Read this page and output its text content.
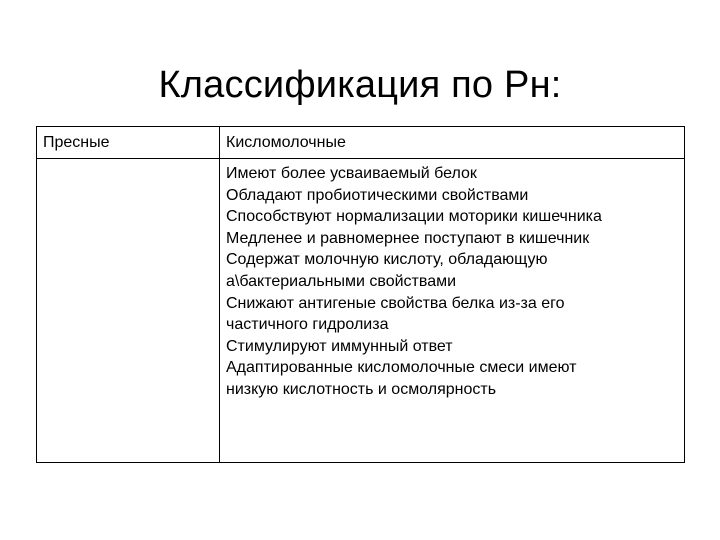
Классификация по Рн:
Пресные	Кисломолочные
Имеют более усваиваемый белок
Обладают пробиотическими свойствами
Способствуют нормализации моторики кишечника
Медленее и равномернее поступают в кишечник
Содержат молочную кислоту, обладающую
а\бактериальными свойствами
Снижают антигеные свойства белка из-за его
частичного гидролиза
Стимулируют иммунный ответ
Адаптированные кисломолочные смеси имеют
низкую кислотность и осмолярность
